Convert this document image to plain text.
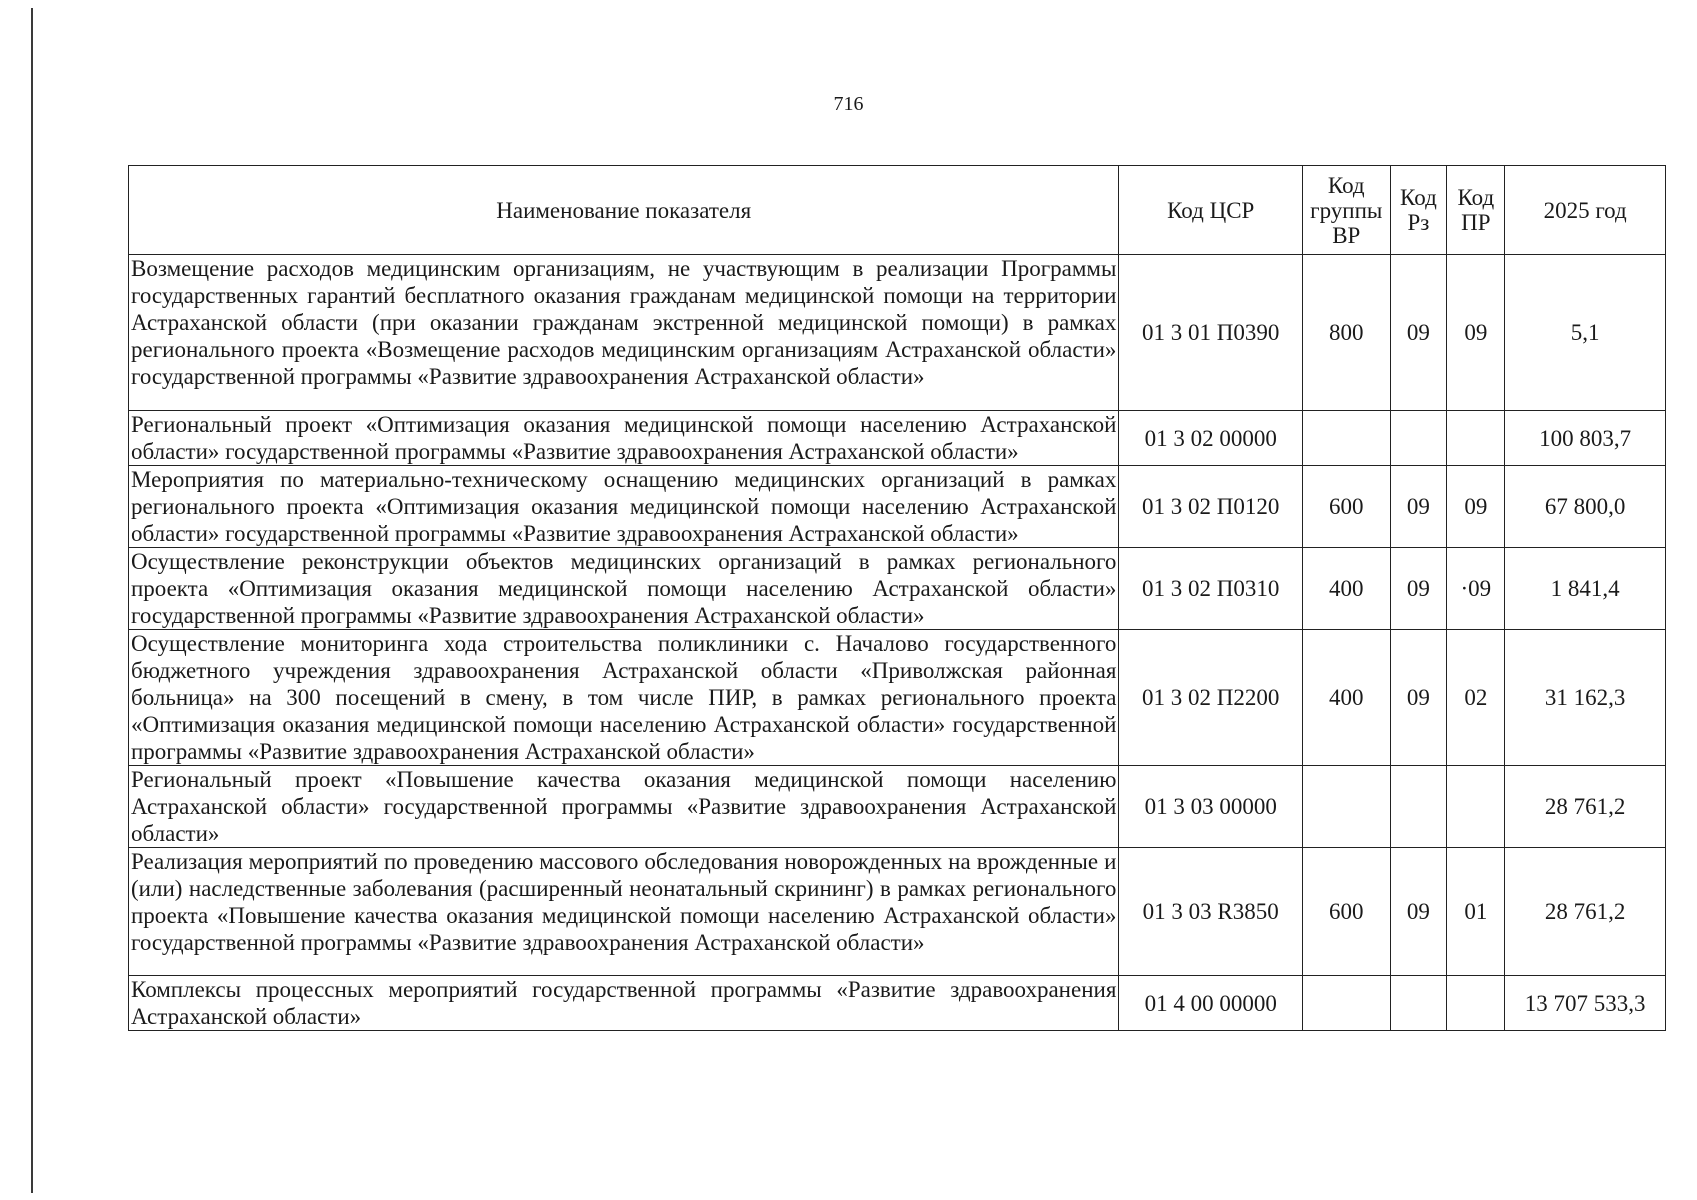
716
Наименование показателя	Код ЦСР	Код группы ВР	Код Рз	Код ПР	2025 год
Возмещение расходов медицинским организациям, не участвующим в реализации Программы государственных гарантий бесплатного оказания гражданам медицинской помощи на территории Астраханской области (при оказании гражданам экстренной медицинской помощи) в рамках регионального проекта «Возмещение расходов медицинским организациям Астраханской области» государственной программы «Развитие здравоохранения Астраханской области»	01 3 01 П0390	800	09	09	5,1
Региональный проект «Оптимизация оказания медицинской помощи населению Астраханской области» государственной программы «Развитие здравоохранения Астраханской области»	01 3 02 00000				100 803,7
Мероприятия по материально-техническому оснащению медицинских организаций в рамках регионального проекта «Оптимизация оказания медицинской помощи населению Астраханской области» государственной программы «Развитие здравоохранения Астраханской области»	01 3 02 П0120	600	09	09	67 800,0
Осуществление реконструкции объектов медицинских организаций в рамках регионального проекта «Оптимизация оказания медицинской помощи населению Астраханской области» государственной программы «Развитие здравоохранения Астраханской области»	01 3 02 П0310	400	09	·09	1 841,4
Осуществление мониторинга хода строительства поликлиники с. Началово государственного бюджетного учреждения здравоохранения Астраханской области «Приволжская районная больница» на 300 посещений в смену, в том числе ПИР, в рамках регионального проекта «Оптимизация оказания медицинской помощи населению Астраханской области» государственной программы «Развитие здравоохранения Астраханской области»	01 3 02 П2200	400	09	02	31 162,3
Региональный проект «Повышение качества оказания медицинской помощи населению Астраханской области» государственной программы «Развитие здравоохранения Астраханской области»	01 3 03 00000				28 761,2
Реализация мероприятий по проведению массового обследования новорожденных на врожденные и (или) наследственные заболевания (расширенный неонатальный скрининг) в рамках регионального проекта «Повышение качества оказания медицинской помощи населению Астраханской области» государственной программы «Развитие здравоохранения Астраханской области»	01 3 03 R3850	600	09	01	28 761,2
Комплексы процессных мероприятий государственной программы «Развитие здравоохранения Астраханской области»	01 4 00 00000				13 707 533,3
